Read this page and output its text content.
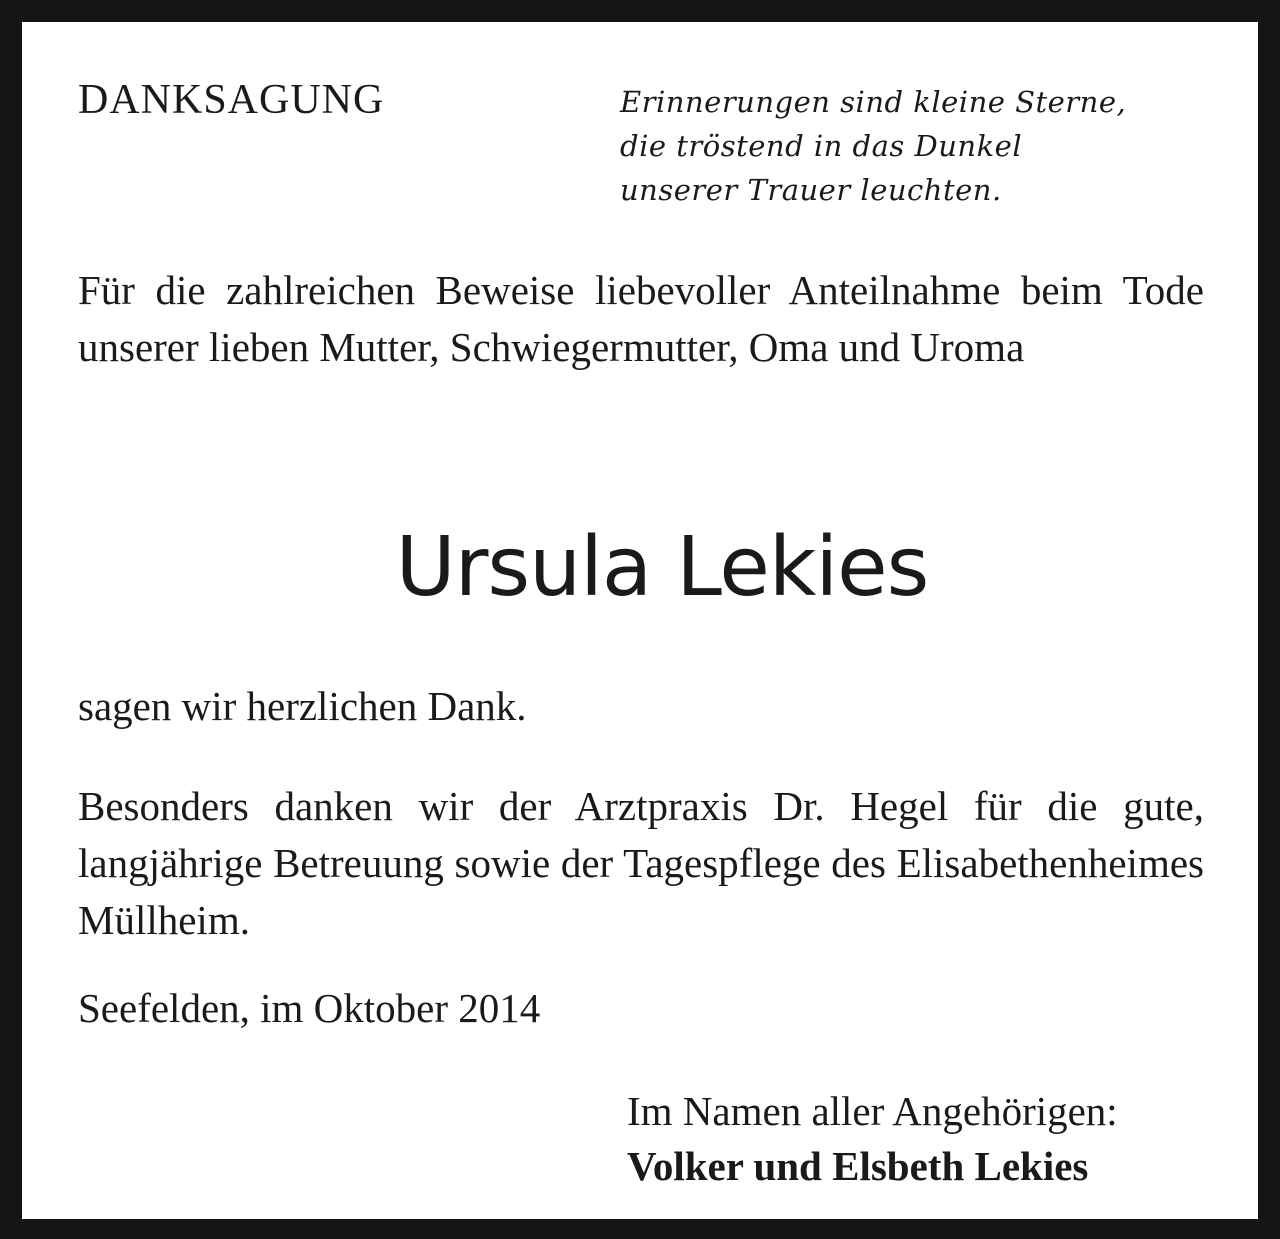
DANKSAGUNG	Erinnerungen sind kleine Sterne,
die tröstend in das Dunkel
unserer Trauer leuchten.

Für die zahlreichen Beweise liebevoller Anteilnahme beim Tode unserer lieben Mutter, Schwiegermutter, Oma und Uroma

Ursula Lekies

sagen wir herzlichen Dank.

Besonders danken wir der Arztpraxis Dr. Hegel für die gute, langjährige Betreuung sowie der Tagespflege des Elisabethenheimes Müllheim.

Seefelden, im Oktober 2014

Im Namen aller Angehörigen:
Volker und Elsbeth Lekies
